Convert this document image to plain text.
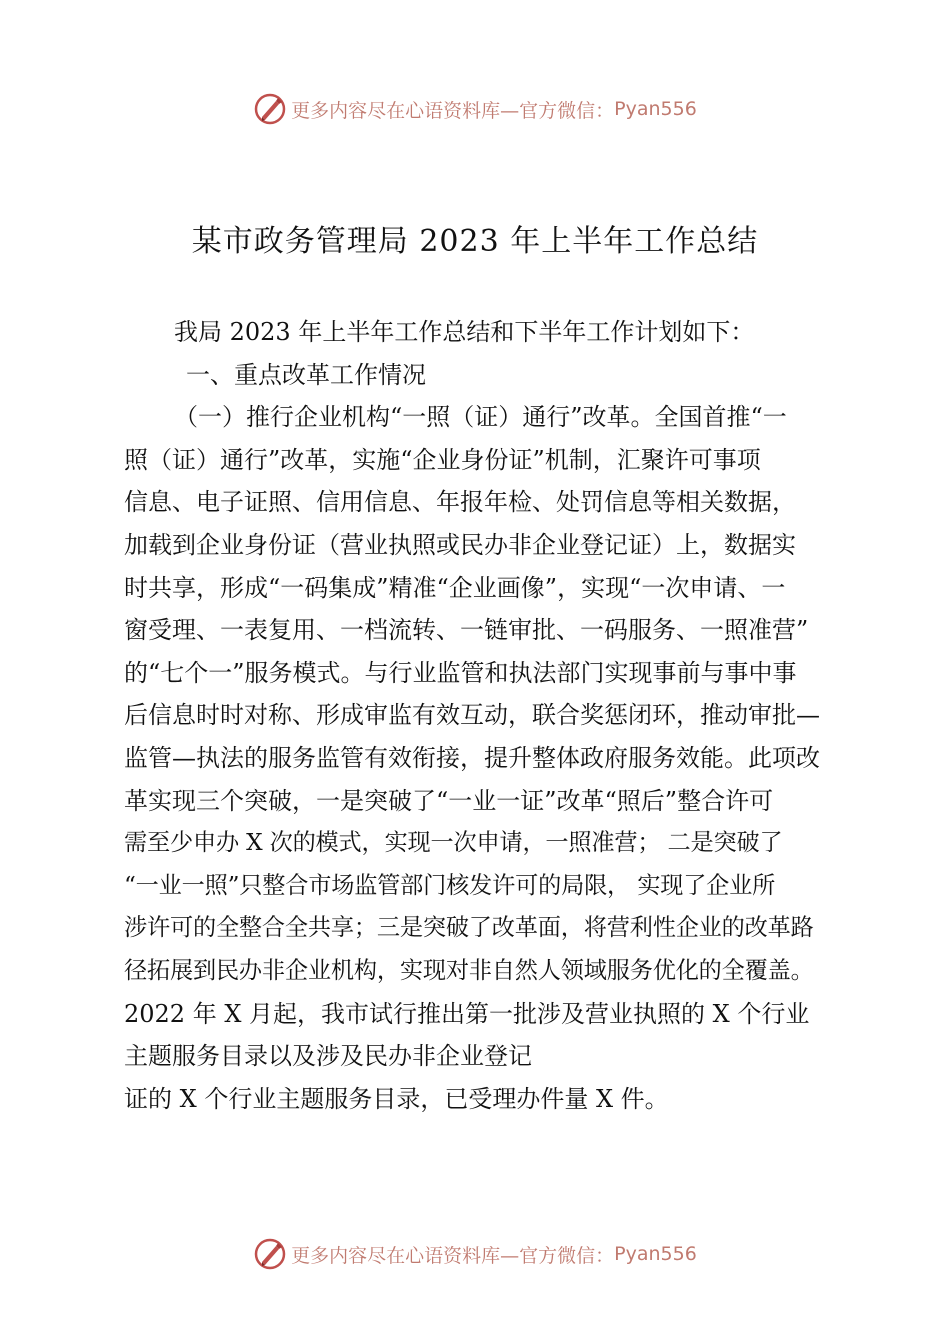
更多内容尽在心语资料库—官方微信： Pyan556
某市政务管理局 2023 年上半年工作总结
我局 2023 年上半年工作总结和下半年工作计划如下：
一、重点改革工作情况
（一）推行企业机构“一照（证）通行”改革。全国首推“一
照（证）通行”改革，实施“企业身份证”机制，汇聚许可事项
信息、电子证照、信用信息、年报年检、处罚信息等相关数据，
加载到企业身份证（营业执照或民办非企业登记证）上，数据实
时共享，形成“一码集成”精准“企业画像”，实现“一次申请、一
窗受理、一表复用、一档流转、一链审批、一码服务、一照准营”
的“七个一”服务模式。与行业监管和执法部门实现事前与事中事
后信息时时对称、形成审监有效互动，联合奖惩闭环，推动审批—
监管—执法的服务监管有效衔接，提升整体政府服务效能。此项改
革实现三个突破，一是突破了“一业一证”改革“照后”整合许可
需至少申办 X 次的模式，实现一次申请，一照准营； 二是突破了
“一业一照”只整合市场监管部门核发许可的局限， 实现了企业所
涉许可的全整合全共享；三是突破了改革面，将营利性企业的改革路
径拓展到民办非企业机构，实现对非自然人领域服务优化的全覆盖。
2022 年 X 月起，我市试行推出第一批涉及营业执照的 X 个行业
主题服务目录以及涉及民办非企业登记
证的 X 个行业主题服务目录，已受理办件量 X 件。
更多内容尽在心语资料库—官方微信： Pyan556
